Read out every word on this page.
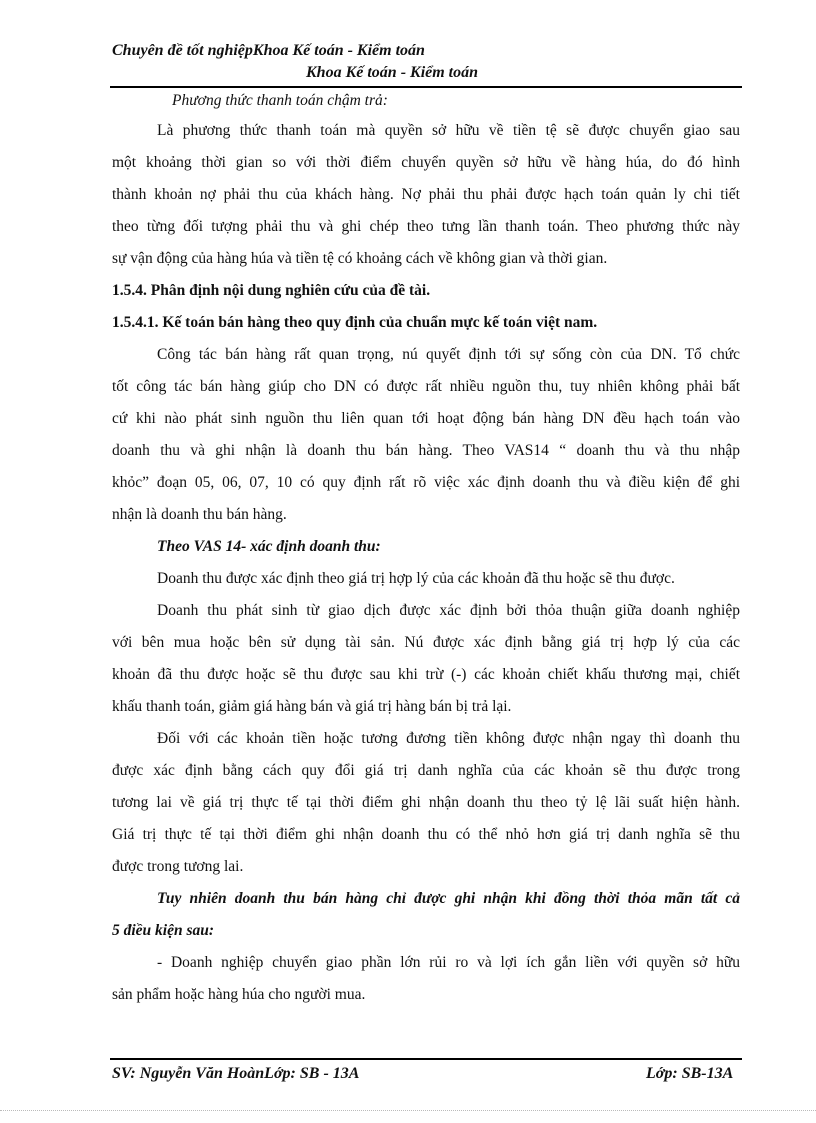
Chuyên đề tốt nghiệpKhoa Kế toán - Kiểm toán
Khoa Kế toán - Kiểm toán
Phương thức thanh toán chậm trả:
Là phương thức thanh toán mà quyền sở hữu về tiền tệ sẽ được chuyển giao sau
một khoảng thời gian so với thời điểm chuyển quyền sở hữu về hàng húa, do đó hình
thành khoản nợ phải thu của khách hàng. Nợ phải thu phải được hạch toán quản ly chi tiết
theo từng đối tượng phải thu và ghi chép theo tưng lần thanh toán. Theo phương thức này
sự vận động của hàng húa và tiền tệ có khoảng cách về không gian và thời gian.
1.5.4. Phân định nội dung nghiên cứu của đề tài.
1.5.4.1. Kế toán bán hàng theo quy định của chuẩn mực kế toán việt nam.
Công tác bán hàng rất quan trọng, nú quyết định tới sự sống còn của DN. Tổ chức
tốt công tác bán hàng giúp cho DN có được rất nhiều nguồn thu, tuy nhiên không phải bất
cứ khi nào phát sinh nguồn thu liên quan tới hoạt động bán hàng DN đều hạch toán vào
doanh thu và ghi nhận là doanh thu bán hàng. Theo VAS14 “ doanh thu và thu nhập
khỏc” đoạn 05, 06, 07, 10 có quy định rất rõ việc xác định doanh thu và điều kiện để ghi
nhận là doanh thu bán hàng.
Theo VAS 14- xác định doanh thu:
Doanh thu được xác định theo giá trị hợp lý của các khoản đã thu hoặc sẽ thu được.
Doanh thu phát sinh từ giao dịch được xác định bởi thỏa thuận giữa doanh nghiệp
với bên mua hoặc bên sử dụng tài sản. Nú được xác định bằng giá trị hợp lý của các
khoản đã thu được hoặc sẽ thu được sau khi trừ (-) các khoản chiết khấu thương mại, chiết
khấu thanh toán, giảm giá hàng bán và giá trị hàng bán bị trả lại.
Đối với các khoản tiền hoặc tương đương tiền không được nhận ngay thì doanh thu
được xác định bằng cách quy đổi giá trị danh nghĩa của các khoản sẽ thu được trong
tương lai về giá trị thực tế tại thời điểm ghi nhận doanh thu theo tỷ lệ lãi suất hiện hành.
Giá trị thực tế tại thời điểm ghi nhận doanh thu có thể nhỏ hơn giá trị danh nghĩa sẽ thu
được trong tương lai.
Tuy nhiên doanh thu bán hàng chỉ được ghi nhận khi đồng thời thỏa mãn tất cả
5 điều kiện sau:
- Doanh nghiệp chuyển giao phần lớn rủi ro và lợi ích gắn liền với quyền sở hữu
sản phẩm hoặc hàng húa cho người mua.
SV: Nguyễn Văn HoànLớp: SB - 13A	Lớp: SB-13A
